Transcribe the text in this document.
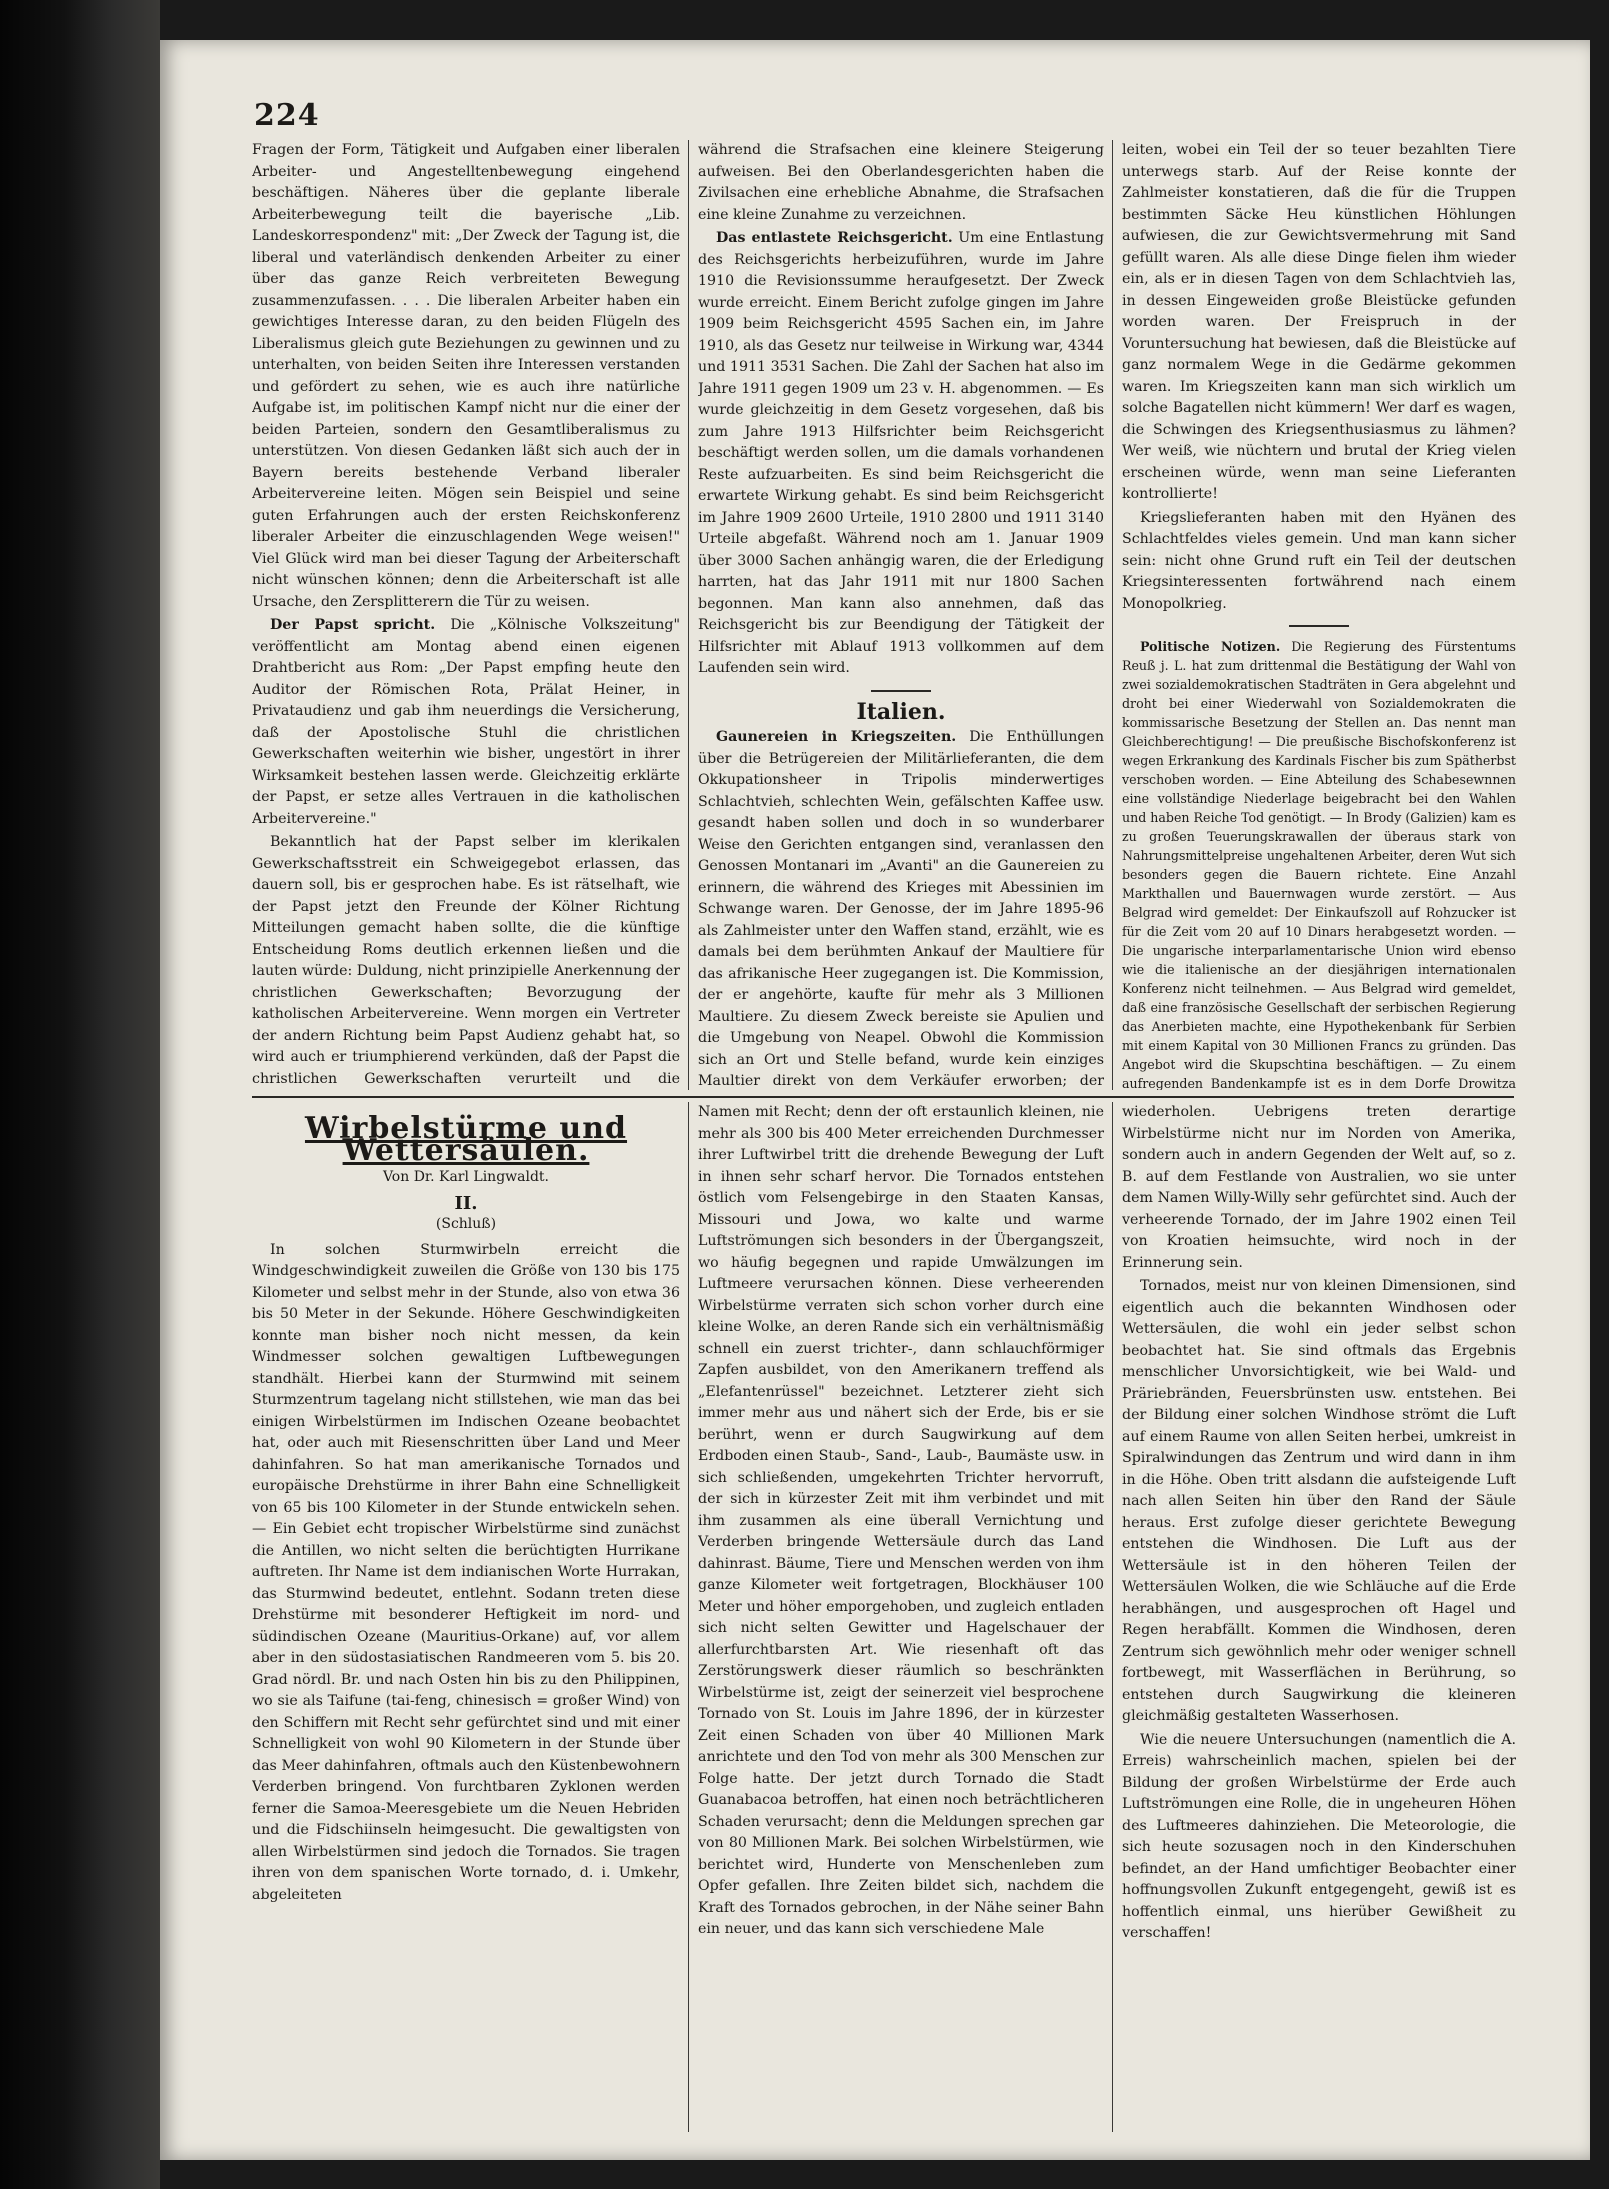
224

Fragen der Form, Tätigkeit und Aufgaben einer liberalen Arbeiter- und Angestelltenbewegung eingehend beschäftigen. Näheres über die geplante liberale Arbeiterbewegung teilt die bayerische „Lib. Landeskorrespondenz" mit: „Der Zweck der Tagung ist, die liberal und vaterländisch denkenden Arbeiter zu einer über das ganze Reich verbreiteten Bewegung zusammenzufassen. . . . Die liberalen Arbeiter haben ein gewichtiges Interesse daran, zu den beiden Flügeln des Liberalismus gleich gute Beziehungen zu gewinnen und zu unterhalten, von beiden Seiten ihre Interessen verstanden und gefördert zu sehen, wie es auch ihre natürliche Aufgabe ist, im politischen Kampf nicht nur die einer der beiden Parteien, sondern den Gesamtliberalismus zu unterstützen. Von diesen Gedanken läßt sich auch der in Bayern bereits bestehende Verband liberaler Arbeitervereine leiten. Mögen sein Beispiel und seine guten Erfahrungen auch der ersten Reichskonferenz liberaler Arbeiter die einzuschlagenden Wege weisen!" Viel Glück wird man bei dieser Tagung der Arbeiterschaft nicht wünschen können; denn die Arbeiterschaft ist alle Ursache, den Zersplitterern die Tür zu weisen.

Der Papst spricht. Die „Kölnische Volkszeitung" veröffentlicht am Montag abend einen eigenen Drahtbericht aus Rom: „Der Papst empfing heute den Auditor der Römischen Rota, Prälat Heiner, in Privataudienz und gab ihm neuerdings die Versicherung, daß der Apostolische Stuhl die christlichen Gewerkschaften weiterhin wie bisher, ungestört in ihrer Wirksamkeit bestehen lassen werde. Gleichzeitig erklärte der Papst, er setze alles Vertrauen in die katholischen Arbeitervereine."

Bekanntlich hat der Papst selber im klerikalen Gewerkschaftsstreit ein Schweigegebot erlassen, das dauern soll, bis er gesprochen habe. Es ist rätselhaft, wie der Papst jetzt den Freunde der Kölner Richtung Mitteilungen gemacht haben sollte, die die künftige Entscheidung Roms deutlich erkennen ließen und die lauten würde: Duldung, nicht prinzipielle Anerkennung der christlichen Gewerkschaften; Bevorzugung der katholischen Arbeitervereine. Wenn morgen ein Vertreter der andern Richtung beim Papst Audienz gehabt hat, so wird auch er triumphierend verkünden, daß der Papst die christlichen Gewerkschaften verurteilt und die

während die Strafsachen eine kleinere Steigerung aufweisen. Bei den Oberlandesgerichten haben die Zivilsachen eine erhebliche Abnahme, die Strafsachen eine kleine Zunahme zu verzeichnen.

Das entlastete Reichsgericht. Um eine Entlastung des Reichsgerichts herbeizuführen, wurde im Jahre 1910 die Revisionssumme heraufgesetzt. Der Zweck wurde erreicht. Einem Bericht zufolge gingen im Jahre 1909 beim Reichsgericht 4595 Sachen ein, im Jahre 1910, als das Gesetz nur teilweise in Wirkung war, 4344 und 1911 3531 Sachen. Die Zahl der Sachen hat also im Jahre 1911 gegen 1909 um 23 v. H. abgenommen. — Es wurde gleichzeitig in dem Gesetz vorgesehen, daß bis zum Jahre 1913 Hilfsrichter beim Reichsgericht beschäftigt werden sollen, um die damals vorhandenen Reste aufzuarbeiten. Es sind beim Reichsgericht die erwartete Wirkung gehabt. Es sind beim Reichsgericht im Jahre 1909 2600 Urteile, 1910 2800 und 1911 3140 Urteile abgefaßt. Während noch am 1. Januar 1909 über 3000 Sachen anhängig waren, die der Erledigung harrten, hat das Jahr 1911 mit nur 1800 Sachen begonnen. Man kann also annehmen, daß das Reichsgericht bis zur Beendigung der Tätigkeit der Hilfsrichter mit Ablauf 1913 vollkommen auf dem Laufenden sein wird.

Italien.

Gaunereien in Kriegszeiten. Die Enthüllungen über die Betrügereien der Militärlieferanten, die dem Okkupationsheer in Tripolis minderwertiges Schlachtvieh, schlechten Wein, gefälschten Kaffee usw. gesandt haben sollen und doch in so wunderbarer Weise den Gerichten entgangen sind, veranlassen den Genossen Montanari im „Avanti" an die Gaunereien zu erinnern, die während des Krieges mit Abessinien im Schwange waren. Der Genosse, der im Jahre 1895-96 als Zahlmeister unter den Waffen stand, erzählt, wie es damals bei dem berühmten Ankauf der Maultiere für das afrikanische Heer zugegangen ist. Die Kommission, der er angehörte, kaufte für mehr als 3 Millionen Maultiere. Zu diesem Zweck bereiste sie Apulien und die Umgebung von Neapel. Obwohl die Kommission sich an Ort und Stelle befand, wurde kein einziges Maultier direkt von dem Verkäufer erworben; der

leiten, wobei ein Teil der so teuer bezahlten Tiere unterwegs starb. Auf der Reise konnte der Zahlmeister konstatieren, daß die für die Truppen bestimmten Säcke Heu künstlichen Höhlungen aufwiesen, die zur Gewichtsvermehrung mit Sand gefüllt waren. Als alle diese Dinge fielen ihm wieder ein, als er in diesen Tagen von dem Schlachtvieh las, in dessen Eingeweiden große Bleistücke gefunden worden waren. Der Freispruch in der Voruntersuchung hat bewiesen, daß die Bleistücke auf ganz normalem Wege in die Gedärme gekommen waren. Im Kriegszeiten kann man sich wirklich um solche Bagatellen nicht kümmern! Wer darf es wagen, die Schwingen des Kriegsenthusiasmus zu lähmen? Wer weiß, wie nüchtern und brutal der Krieg vielen erscheinen würde, wenn man seine Lieferanten kontrollierte!

Kriegslieferanten haben mit den Hyänen des Schlachtfeldes vieles gemein. Und man kann sicher sein: nicht ohne Grund ruft ein Teil der deutschen Kriegsinteressenten fortwährend nach einem Monopolkrieg.

Politische Notizen. Die Regierung des Fürstentums Reuß j. L. hat zum drittenmal die Bestätigung der Wahl von zwei sozialdemokratischen Stadträten in Gera abgelehnt und droht bei einer Wiederwahl von Sozialdemokraten die kommissarische Besetzung der Stellen an. Das nennt man Gleichberechtigung! — Die preußische Bischofskonferenz ist wegen Erkrankung des Kardinals Fischer bis zum Spätherbst verschoben worden. — Eine Abteilung des Schabesewnnen eine vollständige Niederlage beigebracht bei den Wahlen und haben Reiche Tod genötigt. — In Brody (Galizien) kam es zu großen Teuerungskrawallen der überaus stark von Nahrungsmittelpreise ungehaltenen Arbeiter, deren Wut sich besonders gegen die Bauern richtete. Eine Anzahl Markthallen und Bauernwagen wurde zerstört. — Aus Belgrad wird gemeldet: Der Einkaufszoll auf Rohzucker ist für die Zeit vom 20 auf 10 Dinars herabgesetzt worden. — Die ungarische interparlamentarische Union wird ebenso wie die italienische an der diesjährigen internationalen Konferenz nicht teilnehmen. — Aus Belgrad wird gemeldet, daß eine französische Gesellschaft der serbischen Regierung das Anerbieten machte, eine Hypothekenbank für Serbien mit einem Kapital von 30 Millionen Francs zu gründen. Das Angebot wird die Skupschtina beschäftigen. — Zu einem aufregenden Bandenkampfe ist es in dem Dorfe Drowitza

Wirbelstürme und Wettersäulen.
Von Dr. Karl Lingwaldt.
II.
(Schluß)

In solchen Sturmwirbeln erreicht die Windgeschwindigkeit zuweilen die Größe von 130 bis 175 Kilometer und selbst mehr in der Stunde, also von etwa 36 bis 50 Meter in der Sekunde. Höhere Geschwindigkeiten konnte man bisher noch nicht messen, da kein Windmesser solchen gewaltigen Luftbewegungen standhält. Hierbei kann der Sturmwind mit seinem Sturmzentrum tagelang nicht stillstehen, wie man das bei einigen Wirbelstürmen im Indischen Ozeane beobachtet hat, oder auch mit Riesenschritten über Land und Meer dahinfahren. So hat man amerikanische Tornados und europäische Drehstürme in ihrer Bahn eine Schnelligkeit von 65 bis 100 Kilometer in der Stunde entwickeln sehen. — Ein Gebiet echt tropischer Wirbelstürme sind zunächst die Antillen, wo nicht selten die berüchtigten Hurrikane auftreten. Ihr Name ist dem indianischen Worte Hurrakan, das Sturmwind bedeutet, entlehnt. Sodann treten diese Drehstürme mit besonderer Heftigkeit im nord- und südindischen Ozeane (Mauritius-Orkane) auf, vor allem aber in den südostasiatischen Randmeeren vom 5. bis 20. Grad nördl. Br. und nach Osten hin bis zu den Philippinen, wo sie als Taifune (tai-feng, chinesisch = großer Wind) von den Schiffern mit Recht sehr gefürchtet sind und mit einer Schnelligkeit von wohl 90 Kilometern in der Stunde über das Meer dahinfahren, oftmals auch den Küstenbewohnern Verderben bringend. Von furchtbaren Zyklonen werden ferner die Samoa-Meeresgebiete um die Neuen Hebriden und die Fidschiinseln heimgesucht. Die gewaltigsten von allen Wirbelstürmen sind jedoch die Tornados. Sie tragen ihren von dem spanischen Worte tornado, d. i. Umkehr, abgeleiteten

Namen mit Recht; denn der oft erstaunlich kleinen, nie mehr als 300 bis 400 Meter erreichenden Durchmesser ihrer Luftwirbel tritt die drehende Bewegung der Luft in ihnen sehr scharf hervor. Die Tornados entstehen östlich vom Felsengebirge in den Staaten Kansas, Missouri und Jowa, wo kalte und warme Luftströmungen sich besonders in der Übergangszeit, wo häufig begegnen und rapide Umwälzungen im Luftmeere verursachen können. Diese verheerenden Wirbelstürme verraten sich schon vorher durch eine kleine Wolke, an deren Rande sich ein verhältnismäßig schnell ein zuerst trichter-, dann schlauchförmiger Zapfen ausbildet, von den Amerikanern treffend als „Elefantenrüssel" bezeichnet. Letzterer zieht sich immer mehr aus und nähert sich der Erde, bis er sie berührt, wenn er durch Saugwirkung auf dem Erdboden einen Staub-, Sand-, Laub-, Baumäste usw. in sich schließenden, umgekehrten Trichter hervorruft, der sich in kürzester Zeit mit ihm verbindet und mit ihm zusammen als eine überall Vernichtung und Verderben bringende Wettersäule durch das Land dahinrast. Bäume, Tiere und Menschen werden von ihm ganze Kilometer weit fortgetragen, Blockhäuser 100 Meter und höher emporgehoben, und zugleich entladen sich nicht selten Gewitter und Hagelschauer der allerfurchtbarsten Art. Wie riesenhaft oft das Zerstörungswerk dieser räumlich so beschränkten Wirbelstürme ist, zeigt der seinerzeit viel besprochene Tornado von St. Louis im Jahre 1896, der in kürzester Zeit einen Schaden von über 40 Millionen Mark anrichtete und den Tod von mehr als 300 Menschen zur Folge hatte. Der jetzt durch Tornado die Stadt Guanabacoa betroffen, hat einen noch beträchtlicheren Schaden verursacht; denn die Meldungen sprechen gar von 80 Millionen Mark. Bei solchen Wirbelstürmen, wie berichtet wird, Hunderte von Menschenleben zum Opfer gefallen. Ihre Zeiten bildet sich, nachdem die Kraft des Tornados gebrochen, in der Nähe seiner Bahn ein neuer, und das kann sich verschiedene Male

wiederholen. Uebrigens treten derartige Wirbelstürme nicht nur im Norden von Amerika, sondern auch in andern Gegenden der Welt auf, so z. B. auf dem Festlande von Australien, wo sie unter dem Namen Willy-Willy sehr gefürchtet sind. Auch der verheerende Tornado, der im Jahre 1902 einen Teil von Kroatien heimsuchte, wird noch in der Erinnerung sein.

Tornados, meist nur von kleinen Dimensionen, sind eigentlich auch die bekannten Windhosen oder Wettersäulen, die wohl ein jeder selbst schon beobachtet hat. Sie sind oftmals das Ergebnis menschlicher Unvorsichtigkeit, wie bei Wald- und Präriebränden, Feuersbrünsten usw. entstehen. Bei der Bildung einer solchen Windhose strömt die Luft auf einem Raume von allen Seiten herbei, umkreist in Spiralwindungen das Zentrum und wird dann in ihm in die Höhe. Oben tritt alsdann die aufsteigende Luft nach allen Seiten hin über den Rand der Säule heraus. Erst zufolge dieser gerichtete Bewegung entstehen die Windhosen. Die Luft aus der Wettersäule ist in den höheren Teilen der Wettersäulen Wolken, die wie Schläuche auf die Erde herabhängen, und ausgesprochen oft Hagel und Regen herabfällt. Kommen die Windhosen, deren Zentrum sich gewöhnlich mehr oder weniger schnell fortbewegt, mit Wasserflächen in Berührung, so entstehen durch Saugwirkung die kleineren gleichmäßig gestalteten Wasserhosen.

Wie die neuere Untersuchungen (namentlich die A. Erreis) wahrscheinlich machen, spielen bei der Bildung der großen Wirbelstürme der Erde auch Luftströmungen eine Rolle, die in ungeheuren Höhen des Luftmeeres dahinziehen. Die Meteorologie, die sich heute sozusagen noch in den Kinderschuhen befindet, an der Hand umfichtiger Beobachter einer hoffnungsvollen Zukunft entgegengeht, gewiß ist es hoffentlich einmal, uns hierüber Gewißheit zu verschaffen!
